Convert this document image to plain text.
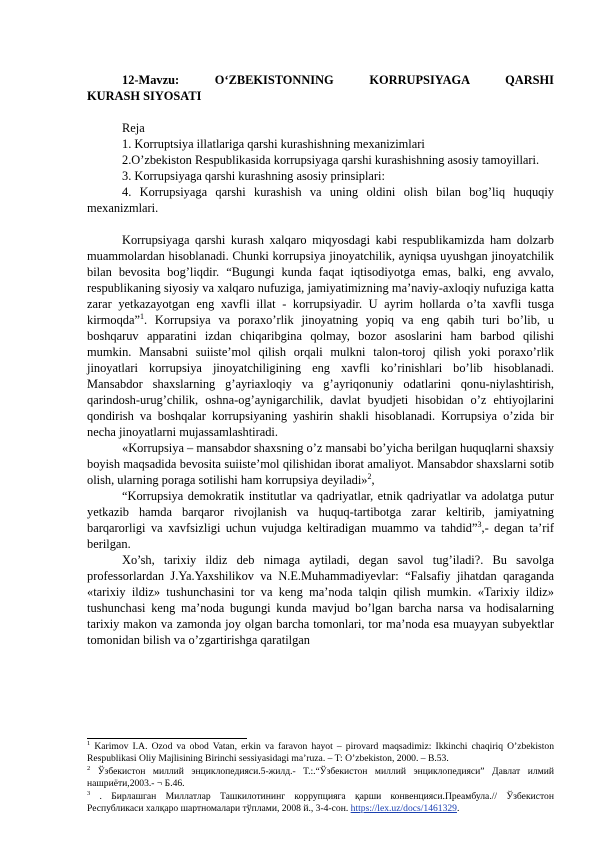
12-Mavzu: O‘ZBEKISTONNING KORRUPSIYAGA QARSHI

KURASH SIYOSATI

Reja

1. Korruptsiya illatlariga qarshi kurashishning mexanizimlari

2.O’zbekiston Respublikasida korrupsiyaga qarshi kurashishning asosiy tamoyillari.

3. Korrupsiyaga qarshi kurashning asosiy prinsiplari:

4. Korrupsiyaga qarshi kurashish va uning oldini olish bilan bog’liq huquqiy mexanizmlari.

Korrupsiyaga qarshi kurash xalqaro miqyosdagi kabi respublikamizda ham dolzarb muammolardan hisoblanadi. Chunki korrupsiya jinoyatchilik, ayniqsa uyushgan jinoyatchilik bilan bevosita bog’liqdir. “Bugungi kunda faqat iqtisodiyotga emas, balki, eng avvalo, respublikaning siyosiy va xalqaro nufuziga, jamiyatimizning ma’naviy-axloqiy nufuziga katta zarar yetkazayotgan eng xavfli illat - korrupsiyadir. U ayrim hollarda o’ta xavfli tusga kirmoqda”$^1$. Korrupsiya va poraxo’rlik jinoyatning yopiq va eng qabih turi bo’lib, u boshqaruv apparatini izdan chiqaribgina qolmay, bozor asoslarini ham barbod qilishi mumkin. Mansabni suiiste’mol qilish orqali mulkni talon-toroj qilish yoki poraxo’rlik jinoyatlari korrupsiya jinoyatchiligining eng xavfli ko’rinishlari bo’lib hisoblanadi. Mansabdor shaxslarning g’ayriaxloqiy va g’ayriqonuniy odatlarini qonu-niylashtirish, qarindosh-urug’chilik, oshna-og’aynigarchilik, davlat byudjeti hisobidan o’z ehtiyojlarini qondirish va boshqalar korrupsiyaning yashirin shakli hisoblanadi. Korrupsiya o’zida bir necha jinoyatlarni mujassamlashtiradi.

«Korrupsiya – mansabdor shaxsning o’z mansabi bo’yicha berilgan huquqlarni shaxsiy boyish maqsadida bevosita suiiste’mol qilishidan iborat amaliyot. Mansabdor shaxslarni sotib olish, ularning poraga sotilishi ham korrupsiya deyiladi»$^2$,

“Korrupsiya demokratik institutlar va qadriyatlar, etnik qadriyatlar va adolatga putur yetkazib hamda barqaror rivojlanish va huquq-tartibotga zarar keltirib, jamiyatning barqarorligi va xavfsizligi uchun vujudga keltiradigan muammo va tahdid”$^3$,- degan ta’rif berilgan.

Xo’sh, tarixiy ildiz deb nimaga aytiladi, degan savol tug’iladi?. Bu savolga professorlardan J.Ya.Yaxshilikov va N.E.Muhammadiyevlar: “Falsafiy jihatdan qaraganda «tarixiy ildiz» tushunchasini tor va keng ma’noda talqin qilish mumkin. «Tarixiy ildiz» tushunchasi keng ma’noda bugungi kunda mavjud bo’lgan barcha narsa va hodisalarning tarixiy makon va zamonda joy olgan barcha tomonlari, tor ma’noda esa muayyan subyektlar tomonidan bilish va o’zgartirishga qaratilgan

$^1$ Karimov I.A. Ozod va obod Vatan, erkin va faravon hayot – pirovard maqsadimiz: Ikkinchi chaqiriq O’zbekiston Respublikasi Oliy Majlisining Birinchi sessiyasidagi ma’ruza. – T: O’zbekiston, 2000. – B.53.

$^2$ Ўзбекистон миллий энциклопедияси.5-жилд.- Т.:.“Ўзбекистон миллий энциклопедияси” Давлат илмий нашриёти,2003.- ¬ Б.46.

$^3$ . Бирлашган Миллатлар Ташкилотининг коррупцияга қарши конвенцияси.Преамбула.// Ўзбекистон Республикаси халқаро шартномалари тўплами, 2008 й., 3-4-сон. https://lex.uz/docs/1461329.
